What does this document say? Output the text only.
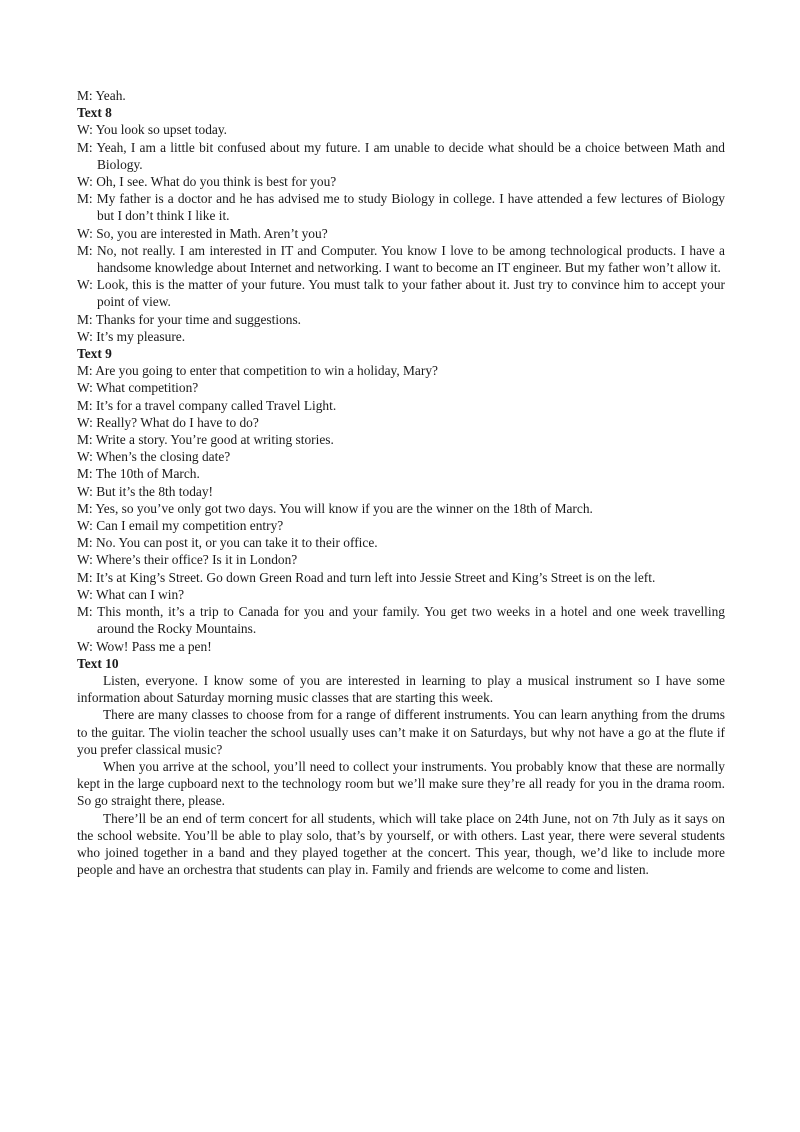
M: Yeah.

Text 8

W: You look so upset today.

M: Yeah, I am a little bit confused about my future. I am unable to decide what should be a choice between Math and Biology.

W: Oh, I see. What do you think is best for you?

M: My father is a doctor and he has advised me to study Biology in college. I have attended a few lectures of Biology but I don’t think I like it.

W: So, you are interested in Math. Aren’t you?

M: No, not really. I am interested in IT and Computer. You know I love to be among technological products. I have a handsome knowledge about Internet and networking. I want to become an IT engineer. But my father won’t allow it.

W: Look, this is the matter of your future. You must talk to your father about it. Just try to convince him to accept your point of view.

M: Thanks for your time and suggestions.

W: It’s my pleasure.

Text 9

M: Are you going to enter that competition to win a holiday, Mary?

W: What competition?

M: It’s for a travel company called Travel Light.

W: Really? What do I have to do?

M: Write a story. You’re good at writing stories.

W: When’s the closing date?

M: The 10th of March.

W: But it’s the 8th today!

M: Yes, so you’ve only got two days. You will know if you are the winner on the 18th of March.

W: Can I email my competition entry?

M: No. You can post it, or you can take it to their office.

W: Where’s their office? Is it in London?

M: It’s at King’s Street. Go down Green Road and turn left into Jessie Street and King’s Street is on the left.

W: What can I win?

M: This month, it’s a trip to Canada for you and your family. You get two weeks in a hotel and one week travelling around the Rocky Mountains.

W: Wow! Pass me a pen!

Text 10

Listen, everyone. I know some of you are interested in learning to play a musical instrument so I have some information about Saturday morning music classes that are starting this week.

There are many classes to choose from for a range of different instruments. You can learn anything from the drums to the guitar. The violin teacher the school usually uses can’t make it on Saturdays, but why not have a go at the flute if you prefer classical music?

When you arrive at the school, you’ll need to collect your instruments. You probably know that these are normally kept in the large cupboard next to the technology room but we’ll make sure they’re all ready for you in the drama room. So go straight there, please.

There’ll be an end of term concert for all students, which will take place on 24th June, not on 7th July as it says on the school website. You’ll be able to play solo, that’s by yourself, or with others. Last year, there were several students who joined together in a band and they played together at the concert. This year, though, we’d like to include more people and have an orchestra that students can play in. Family and friends are welcome to come and listen.
